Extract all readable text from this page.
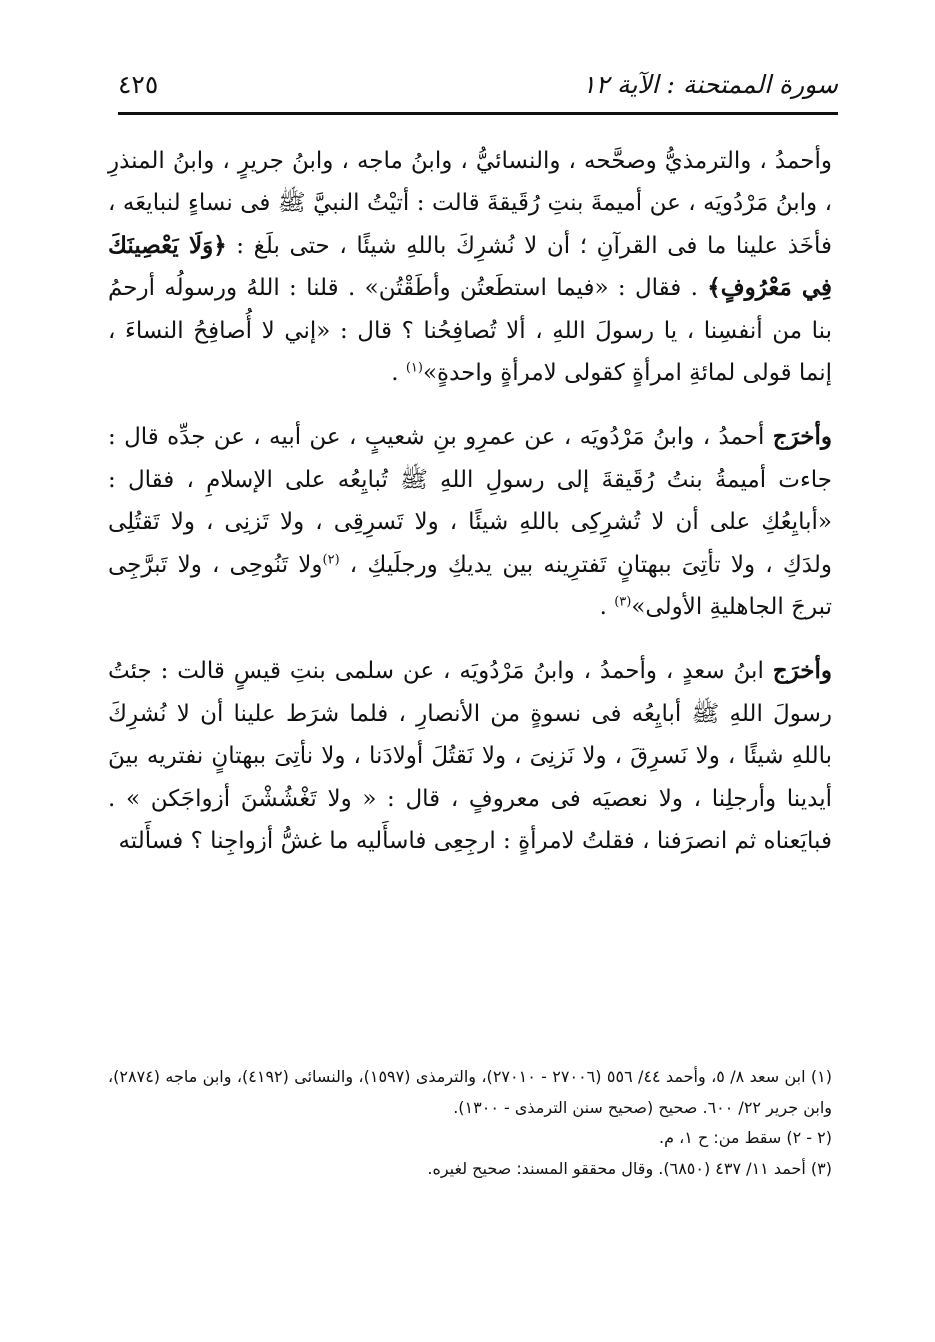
سورة الممتحنة : الآية ١٢
٤٢٥

وأحمدُ ، والترمذيُّ وصحَّحه ، والنسائيُّ ، وابنُ ماجه ، وابنُ جريرٍ ، وابنُ المنذرِ ، وابنُ مَرْدُويَه ، عن أميمةَ بنتِ رُقَيقةَ قالت : أتيْتُ النبيَّ ﷺ فى نساءٍ لنبايعَه ، فأخَذ علينا ما فى القرآنِ ؛ أن لا نُشرِكَ باللهِ شيئًا ، حتى بلَغ : ﴿وَلَا يَعْصِينَكَ فِي مَعْرُوفٍ﴾ . فقال : «فيما استطَعتُن وأطَقْتُن» . قلنا : اللهُ ورسولُه أرحمُ بنا من أنفسِنا ، يا رسولَ اللهِ ، ألا تُصافِحُنا ؟ قال : «إني لا أُصافِحُ النساءَ ، إنما قولى لمائةِ امرأةٍ كقولى لامرأةٍ واحدةٍ»$^{(١)}$ .

وأخرَج أحمدُ ، وابنُ مَرْدُويَه ، عن عمرِو بنِ شعيبٍ ، عن أبيه ، عن جدِّه قال : جاءت أميمةُ بنتُ رُقَيقةَ إلى رسولِ اللهِ ﷺ تُبايِعُه على الإسلامِ ، فقال : «أبايِعُكِ على أن لا تُشرِكِى باللهِ شيئًا ، ولا تَسرِقِى ، ولا تَزنِى ، ولا تَقتُلِى ولدَكِ ، ولا تأتِىَ ببهتانٍ تَفترِينه بين يديكِ ورجلَيكِ ، $^{(٢)}$ولا تَنُوحِى ، ولا تَبرَّجِى تبرجَ الجاهليةِ الأولى»$^{(٣)}$ .

وأخرَج ابنُ سعدٍ ، وأحمدُ ، وابنُ مَرْدُويَه ، عن سلمى بنتِ قيسٍ قالت : جئتُ رسولَ اللهِ ﷺ أبايِعُه فى نسوةٍ من الأنصارِ ، فلما شرَط علينا أن لا نُشرِكَ باللهِ شيئًا ، ولا نَسرِقَ ، ولا نَزنِىَ ، ولا نَقتُلَ أولادَنا ، ولا نأتِىَ ببهتانٍ نفتريه بينَ أيدينا وأرجلِنا ، ولا نعصيَه فى معروفٍ ، قال : « ولا تَغْشُشْنَ أزواجَكن » . فبايَعناه ثم انصرَفنا ، فقلتُ لامرأةٍ : ارجِعِى فاسأَليه ما غشُّ أزواجِنا ؟ فسأَلته

(١) ابن سعد ٨/ ٥، وأحمد ٤٤/ ٥٥٦ (٢٧٠٠٦ - ٢٧٠١٠)، والترمذى (١٥٩٧)، والنسائى (٤١٩٢)، وابن ماجه (٢٨٧٤)، وابن جرير ٢٢/ ٦٠٠. صحيح (صحيح سنن الترمذى - ١٣٠٠).

(٢ - ٢) سقط من: ح ١، م.

(٣) أحمد ١١/ ٤٣٧ (٦٨٥٠). وقال محققو المسند: صحيح لغيره.
